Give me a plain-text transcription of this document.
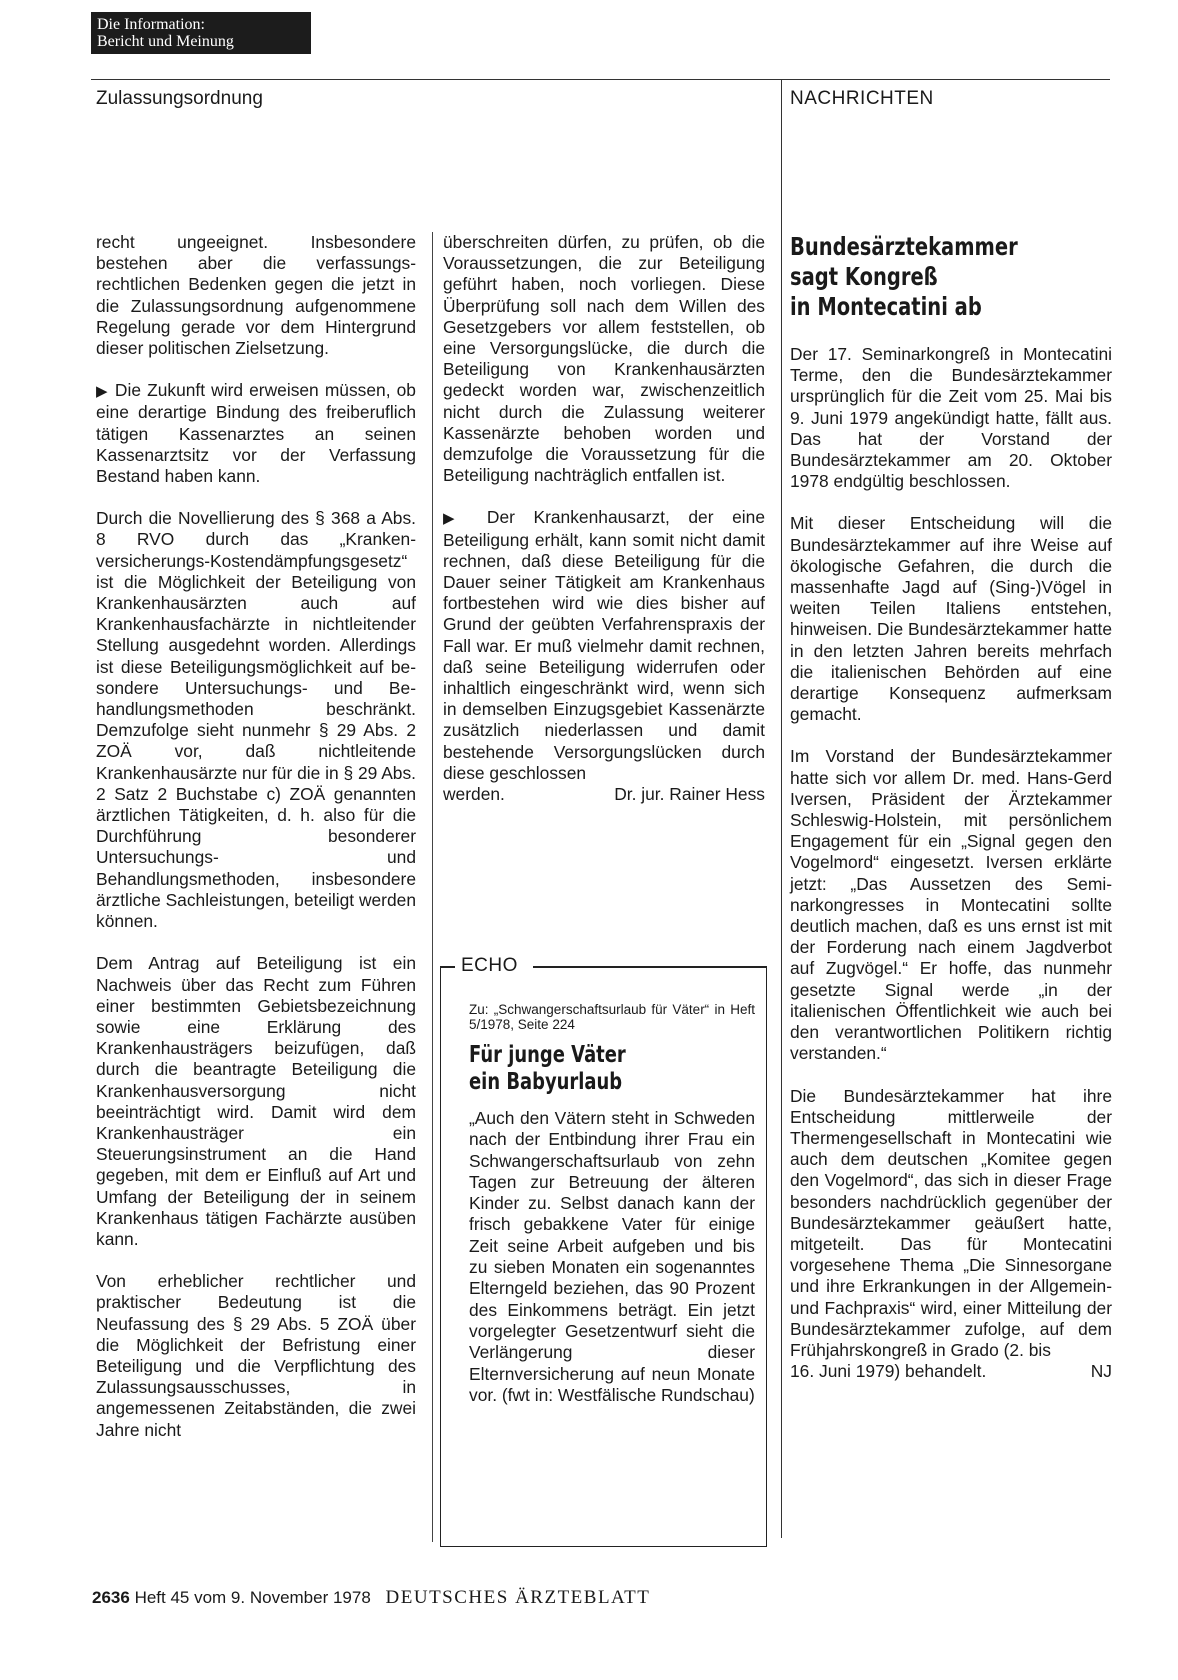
Die Information:
Bericht und Meinung
Zulassungsordnung	NACHRICHTEN

recht ungeeignet. Insbesondere bestehen aber die verfassungsrechtlichen Bedenken gegen die jetzt in die Zulassungsordnung aufgenommene Regelung gerade vor dem Hintergrund dieser politischen Zielsetzung.

▶ Die Zukunft wird erweisen müssen, ob eine derartige Bindung des freiberuflich tätigen Kassenarztes an seinen Kassenarztsitz vor der Verfassung Bestand haben kann.

Durch die Novellierung des § 368 a Abs. 8 RVO durch das „Krankenversicherungs-Kostendämpfungsgesetz“ ist die Möglichkeit der Beteiligung von Krankenhausärzten auch auf Krankenhausfachärzte in nichtleitender Stellung ausgedehnt worden. Allerdings ist diese Beteiligungsmöglichkeit auf besondere Untersuchungs- und Behandlungsmethoden beschränkt. Demzufolge sieht nunmehr § 29 Abs. 2 ZOÄ vor, daß nichtleitende Krankenhausärzte nur für die in § 29 Abs. 2 Satz 2 Buchstabe c) ZOÄ genannten ärztlichen Tätigkeiten, d. h. also für die Durchführung besonderer Untersuchungs- und Behandlungsmethoden, insbesondere ärztliche Sachleistungen, beteiligt werden können.

Dem Antrag auf Beteiligung ist ein Nachweis über das Recht zum Führen einer bestimmten Gebietsbezeichnung sowie eine Erklärung des Krankenhausträgers beizufügen, daß durch die beantragte Beteiligung die Krankenhausversorgung nicht beeinträchtigt wird. Damit wird dem Krankenhausträger ein Steuerungsinstrument an die Hand gegeben, mit dem er Einfluß auf Art und Umfang der Beteiligung der in seinem Krankenhaus tätigen Fachärzte ausüben kann.

Von erheblicher rechtlicher und praktischer Bedeutung ist die Neufassung des § 29 Abs. 5 ZOÄ über die Möglichkeit der Befristung einer Beteiligung und die Verpflichtung des Zulassungsausschusses, in angemessenen Zeitabständen, die zwei Jahre nicht

überschreiten dürfen, zu prüfen, ob die Voraussetzungen, die zur Beteiligung geführt haben, noch vorliegen. Diese Überprüfung soll nach dem Willen des Gesetzgebers vor allem feststellen, ob eine Versorgungslücke, die durch die Beteiligung von Krankenhausärzten gedeckt worden war, zwischenzeitlich nicht durch die Zulassung weiterer Kassenärzte behoben worden und demzufolge die Voraussetzung für die Beteiligung nachträglich entfallen ist.

▶ Der Krankenhausarzt, der eine Beteiligung erhält, kann somit nicht damit rechnen, daß diese Beteiligung für die Dauer seiner Tätigkeit am Krankenhaus fortbestehen wird wie dies bisher auf Grund der geübten Verfahrenspraxis der Fall war. Er muß vielmehr damit rechnen, daß seine Beteiligung widerrufen oder inhaltlich eingeschränkt wird, wenn sich in demselben Einzugsgebiet Kassenärzte zusätzlich niederlassen und damit bestehende Versorgungslücken durch diese geschlossen

werden.	Dr. jur. Rainer Hess
ECHO
Zu: „Schwangerschaftsurlaub für Väter“ in Heft 5/1978, Seite 224
Für junge Väter
ein Babyurlaub
„Auch den Vätern steht in Schweden nach der Entbindung ihrer Frau ein Schwangerschaftsurlaub von zehn Tagen zur Betreuung der älteren Kinder zu. Selbst danach kann der frisch gebakkene Vater für einige Zeit seine Arbeit aufgeben und bis zu sieben Monaten ein sogenanntes Elterngeld beziehen, das 90 Prozent des Einkommens beträgt. Ein jetzt vorgelegter Gesetzentwurf sieht die Verlängerung dieser Elternversicherung auf neun Monate vor. (fwt in: Westfälische Rundschau)
Bundesärztekammer
sagt Kongreß
in Montecatini ab

Der 17. Seminarkongreß in Montecatini Terme, den die Bundesärztekammer ursprünglich für die Zeit vom 25. Mai bis 9. Juni 1979 angekündigt hatte, fällt aus. Das hat der Vorstand der Bundesärztekammer am 20. Oktober 1978 endgültig beschlossen.

Mit dieser Entscheidung will die Bundesärztekammer auf ihre Weise auf ökologische Gefahren, die durch die massenhafte Jagd auf (Sing-)Vögel in weiten Teilen Italiens entstehen, hinweisen. Die Bundesärztekammer hatte in den letzten Jahren bereits mehrfach die italienischen Behörden auf eine derartige Konsequenz aufmerksam gemacht.

Im Vorstand der Bundesärztekammer hatte sich vor allem Dr. med. Hans-Gerd Iversen, Präsident der Ärztekammer Schleswig-Holstein, mit persönlichem Engagement für ein „Signal gegen den Vogelmord“ eingesetzt. Iversen erklärte jetzt: „Das Aussetzen des Seminarkongresses in Montecatini sollte deutlich machen, daß es uns ernst ist mit der Forderung nach einem Jagdverbot auf Zugvögel.“ Er hoffe, das nunmehr gesetzte Signal werde „in der italienischen Öffentlichkeit wie auch bei den verantwortlichen Politikern richtig verstanden.“

Die Bundesärztekammer hat ihre Entscheidung mittlerweile der Thermengesellschaft in Montecatini wie auch dem deutschen „Komitee gegen den Vogelmord“, das sich in dieser Frage besonders nachdrücklich gegenüber der Bundesärztekammer geäußert hatte, mitgeteilt. Das für Montecatini vorgesehene Thema „Die Sinnesorgane und ihre Erkrankungen in der Allgemein- und Fachpraxis“ wird, einer Mitteilung der Bundesärztekammer zufolge, auf dem Frühjahrskongreß in Grado (2. bis

16. Juni 1979) behandelt.	NJ
2636 Heft 45 vom 9. November 1978 DEUTSCHES ÄRZTEBLATT
